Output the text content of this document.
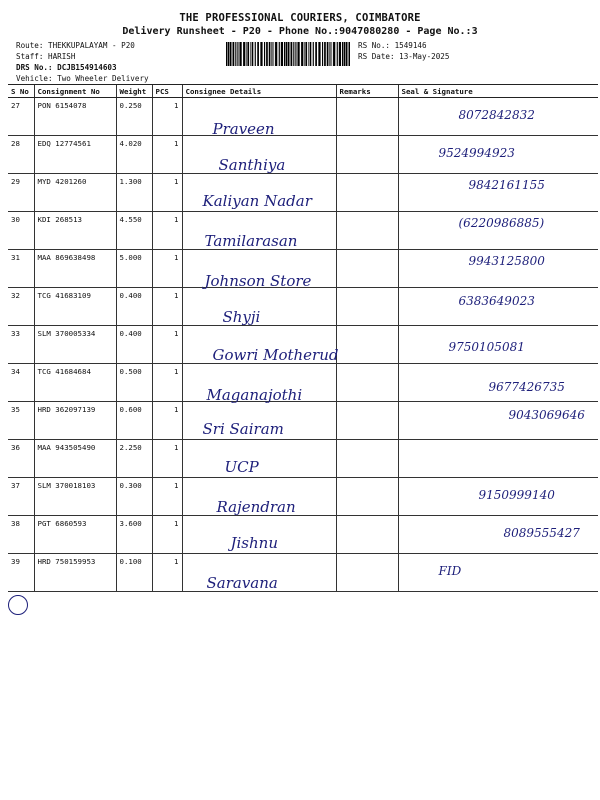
THE PROFESSIONAL COURIERS, COIMBATORE
Delivery Runsheet - P20 - Phone No.:9047080280 - Page No.:3
Route: THEKKUPALAYAM - P20
Staff: HARISH
DRS No.: DCJB154914603
Vehicle: Two Wheeler Delivery
RS No.: 1549146
RS Date: 13-May-2025
S No	Consignment No	Weight	PCS	Consignee Details	Remarks	Seal & Signature
27	PON 6154078	0.250	1	Praveen		8072842832

28	EDQ 12774561	4.020	1	Santhiya		9524994923

29	MYD 4201260	1.300	1	Kaliyan Nadar		9842161155

30	KDI 268513	4.550	1	Tamilarasan		(6220986885)

31	MAA 869638498	5.000	1	Johnson Store		9943125800

32	TCG 41683109	0.400	1	Shyji		6383649023

33	SLM 370005334	0.400	1	Gowri Motherud		9750105081

34	TCG 41684684	0.500	1	Maganajothi		9677426735

35	HRD 362097139	0.600	1	Sri Sairam		9043069646

36	MAA 943505490	2.250	1	UCP		

37	SLM 370018103	0.300	1	Rajendran		9150999140

38	PGT 6860593	3.600	1	Jishnu		8089555427

39	HRD 750159953	0.100	1	Saravana		FID
